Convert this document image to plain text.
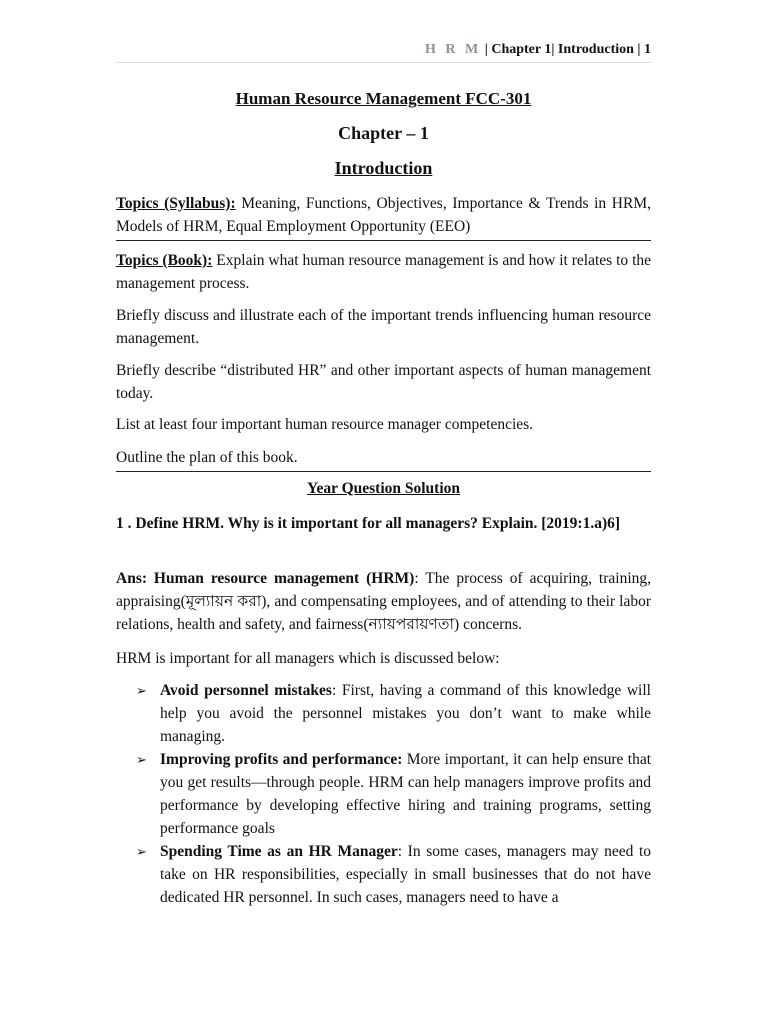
H R M | Chapter 1| Introduction | 1
Human Resource Management FCC-301
Chapter – 1
Introduction
Topics (Syllabus): Meaning, Functions, Objectives, Importance & Trends in HRM, Models of HRM, Equal Employment Opportunity (EEO)
Topics (Book): Explain what human resource management is and how it relates to the management process.
Briefly discuss and illustrate each of the important trends influencing human resource management.
Briefly describe “distributed HR” and other important aspects of human management today.
List at least four important human resource manager competencies.
Outline the plan of this book.
Year Question Solution
1 . Define HRM. Why is it important for all managers? Explain. [2019:1.a)6]
Ans: Human resource management (HRM): The process of acquiring, training, appraising(মূল্যায়ন করা), and compensating employees, and of attending to their labor relations, health and safety, and fairness(ন্যায়পরায়ণতা) concerns.
HRM is important for all managers which is discussed below:
➢ Avoid personnel mistakes: First, having a command of this knowledge will help you avoid the personnel mistakes you don’t want to make while managing.
➢ Improving profits and performance: More important, it can help ensure that you get results—through people. HRM can help managers improve profits and performance by developing effective hiring and training programs, setting performance goals
➢ Spending Time as an HR Manager: In some cases, managers may need to take on HR responsibilities, especially in small businesses that do not have dedicated HR personnel. In such cases, managers need to have a
